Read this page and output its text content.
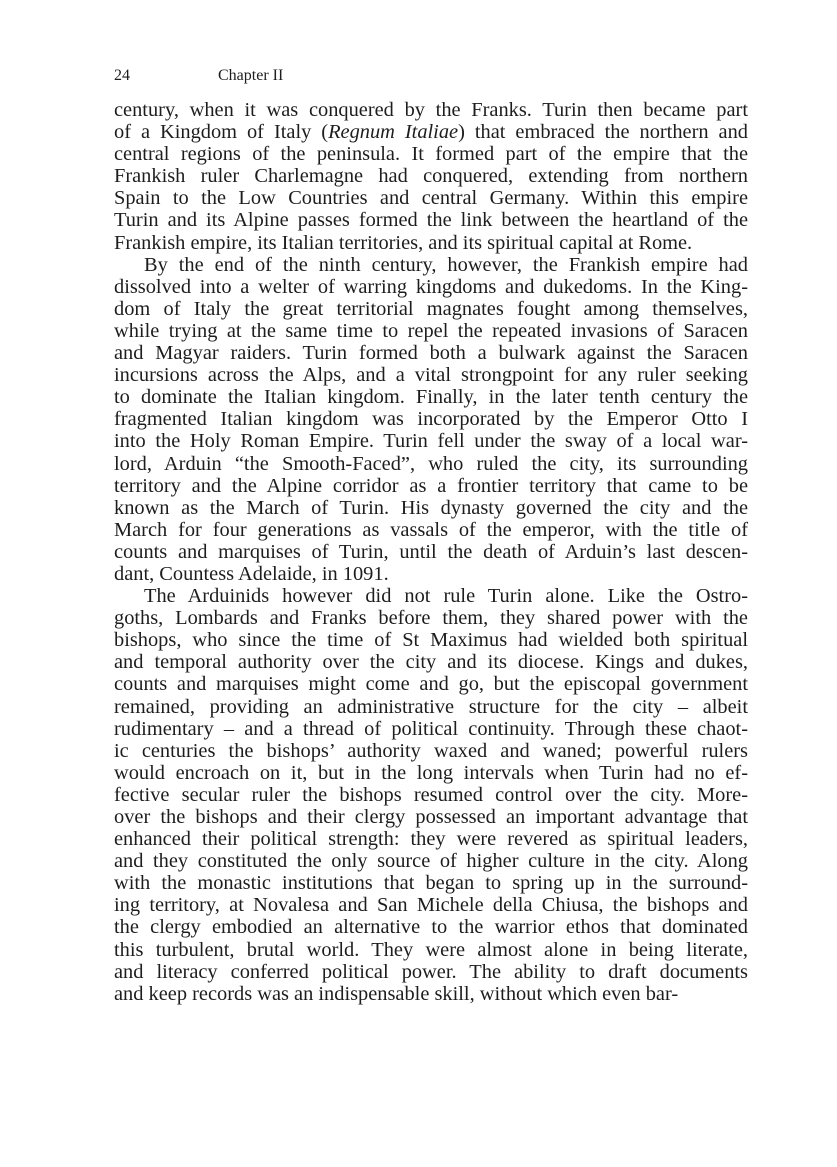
24	Chapter II
century, when it was conquered by the Franks. Turin then became part
of a Kingdom of Italy (Regnum Italiae) that embraced the northern and
central regions of the peninsula. It formed part of the empire that the
Frankish ruler Charlemagne had conquered, extending from northern
Spain to the Low Countries and central Germany. Within this empire
Turin and its Alpine passes formed the link between the heartland of the
Frankish empire, its Italian territories, and its spiritual capital at Rome.
By the end of the ninth century, however, the Frankish empire had
dissolved into a welter of warring kingdoms and dukedoms. In the King-
dom of Italy the great territorial magnates fought among themselves,
while trying at the same time to repel the repeated invasions of Saracen
and Magyar raiders. Turin formed both a bulwark against the Saracen
incursions across the Alps, and a vital strongpoint for any ruler seeking
to dominate the Italian kingdom. Finally, in the later tenth century the
fragmented Italian kingdom was incorporated by the Emperor Otto I
into the Holy Roman Empire. Turin fell under the sway of a local war-
lord, Arduin “the Smooth-Faced”, who ruled the city, its surrounding
territory and the Alpine corridor as a frontier territory that came to be
known as the March of Turin. His dynasty governed the city and the
March for four generations as vassals of the emperor, with the title of
counts and marquises of Turin, until the death of Arduin’s last descen-
dant, Countess Adelaide, in 1091.
The Arduinids however did not rule Turin alone. Like the Ostro-
goths, Lombards and Franks before them, they shared power with the
bishops, who since the time of St Maximus had wielded both spiritual
and temporal authority over the city and its diocese. Kings and dukes,
counts and marquises might come and go, but the episcopal government
remained, providing an administrative structure for the city – albeit
rudimentary – and a thread of political continuity. Through these chaot-
ic centuries the bishops’ authority waxed and waned; powerful rulers
would encroach on it, but in the long intervals when Turin had no ef-
fective secular ruler the bishops resumed control over the city. More-
over the bishops and their clergy possessed an important advantage that
enhanced their political strength: they were revered as spiritual leaders,
and they constituted the only source of higher culture in the city. Along
with the monastic institutions that began to spring up in the surround-
ing territory, at Novalesa and San Michele della Chiusa, the bishops and
the clergy embodied an alternative to the warrior ethos that dominated
this turbulent, brutal world. They were almost alone in being literate,
and literacy conferred political power. The ability to draft documents
and keep records was an indispensable skill, without which even bar-
